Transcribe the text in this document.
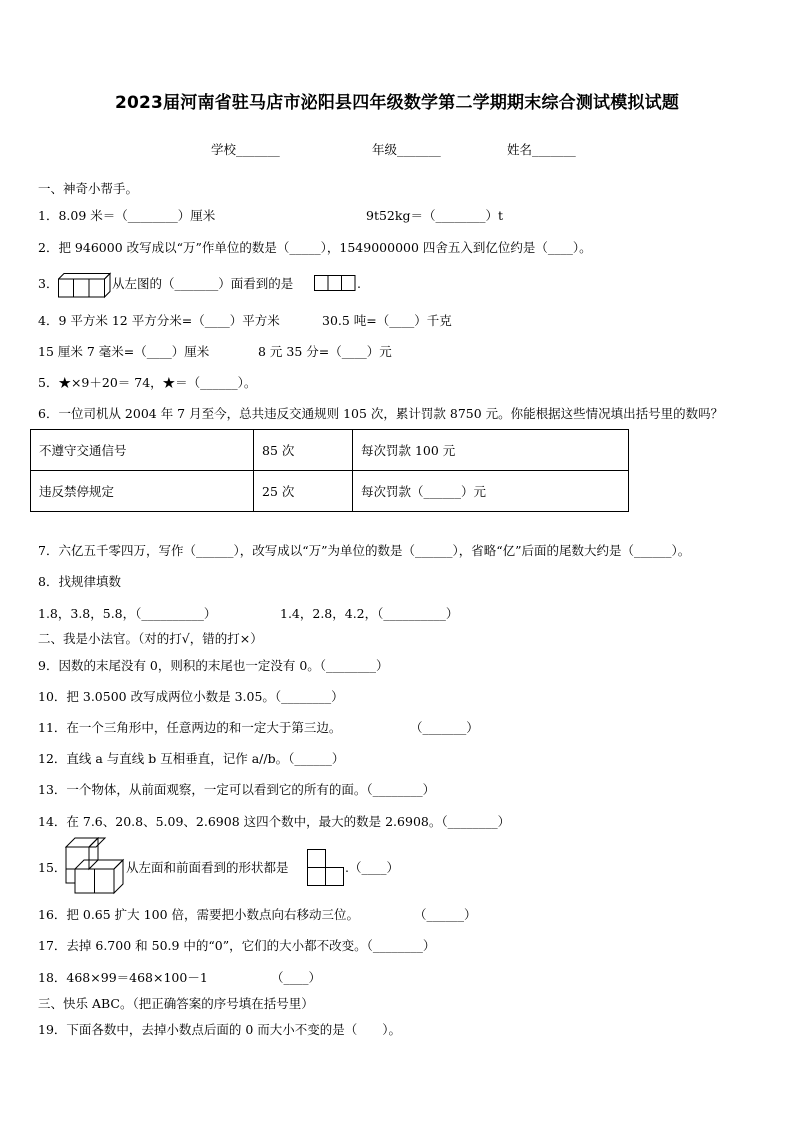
2023届河南省驻马店市泌阳县四年级数学第二学期期末综合测试模拟试题
学校_______	年级_______	姓名_______
一、神奇小帮手。
1．8.09 米＝（________）厘米	9t52kg＝（________）t
2．把 946000 改写成以“万”作单位的数是（_____），1549000000 四舍五入到亿位约是（____）。
3．	从左图的（_______）面看到的是	.
4．9 平方米 12 平方分米=（____）平方米	30.5 吨=（____）千克
15 厘米 7 毫米=（____）厘米	8 元 35 分=（____）元
5．★×9＋20＝ 74，★＝（______）。
6．一位司机从 2004 年 7 月至今，总共违反交通规则 105 次，累计罚款 8750 元。你能根据这些情况填出括号里的数吗？
不遵守交通信号	85 次	每次罚款 100 元
违反禁停规定	25 次	每次罚款（______）元
7．六亿五千零四万，写作（______），改写成以“万”为单位的数是（______），省略“亿”后面的尾数大约是（______）。
8．找规律填数
1.8，3.8，5.8，（__________）	1.4，2.8，4.2，（__________）
二、我是小法官。（对的打√，错的打×）
9．因数的末尾没有 0，则积的末尾也一定没有 0。（________）
10．把 3.0500 改写成两位小数是 3.05。（________）
11．在一个三角形中，任意两边的和一定大于第三边。	（_______）
12．直线 a 与直线 b 互相垂直，记作 a//b。（______）
13．一个物体，从前面观察，一定可以看到它的所有的面。（________）
14．在 7.6、20.8、5.09、2.6908 这四个数中，最大的数是 2.6908。（________）
15．	从左面和前面看到的形状都是	.（____）
16．把 0.65 扩大 100 倍，需要把小数点向右移动三位。	（______）
17．去掉 6.700 和 50.9 中的“0”，它们的大小都不改变。（________）
18．468×99＝468×100－1	（____）
三、快乐 ABC。（把正确答案的序号填在括号里）
19．下面各数中，去掉小数点后面的 0 而大小不变的是（　　）。
